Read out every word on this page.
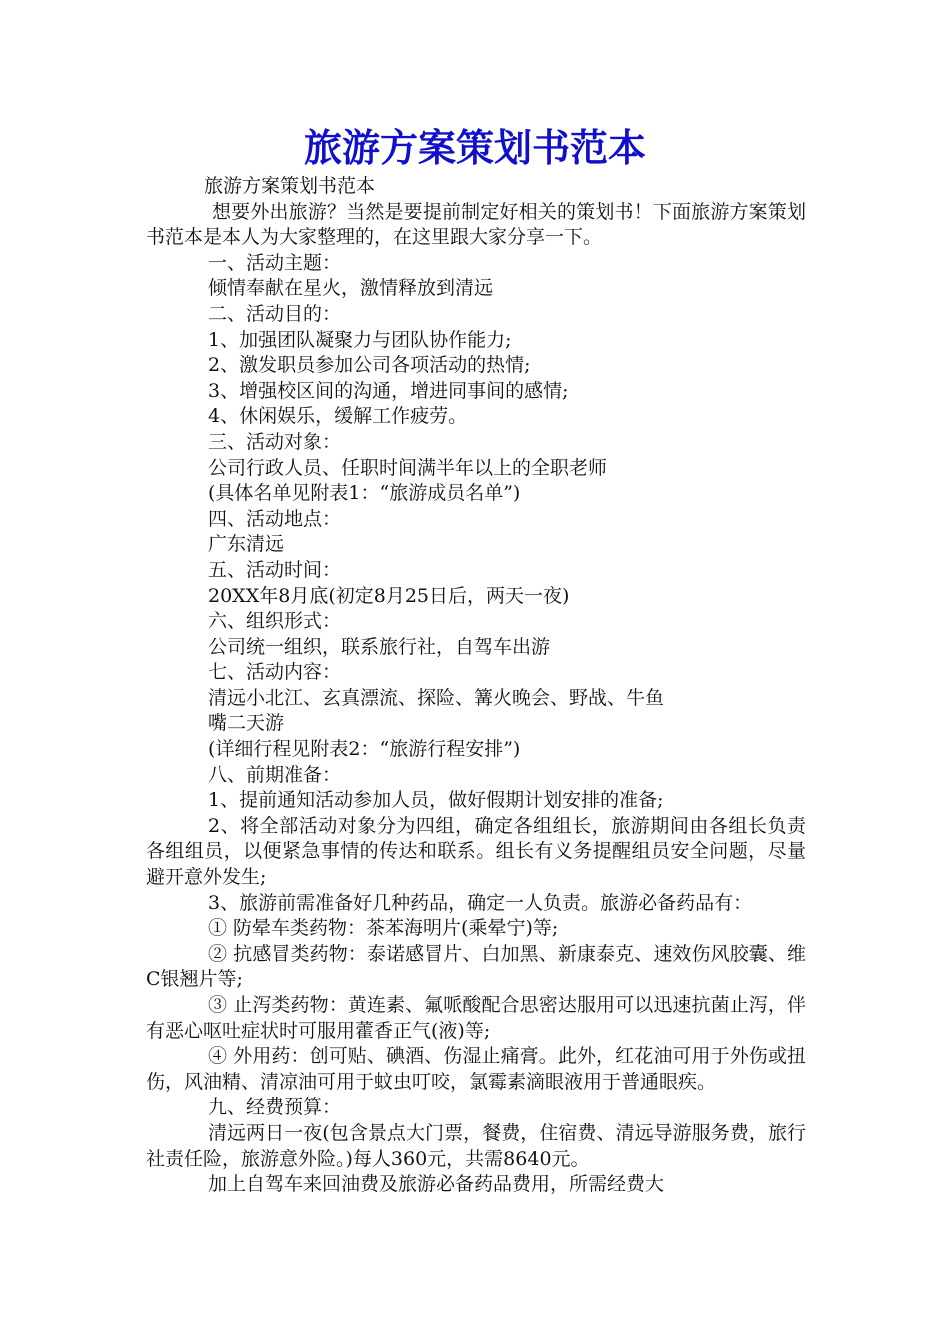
旅游方案策划书范本

旅游方案策划书范本

想要外出旅游？当然是要提前制定好相关的策划书！下面旅游方案策划书范本是本人为大家整理的，在这里跟大家分享一下。

一、活动主题：

倾情奉献在星火，激情释放到清远

二、活动目的：

1、加强团队凝聚力与团队协作能力;

2、激发职员参加公司各项活动的热情;

3、增强校区间的沟通，增进同事间的感情;

4、休闲娱乐，缓解工作疲劳。

三、活动对象：

公司行政人员、任职时间满半年以上的全职老师

(具体名单见附表1：“旅游成员名单”)

四、活动地点：

广东清远

五、活动时间：

20XX年8月底(初定8月25日后，两天一夜)

六、组织形式：

公司统一组织，联系旅行社，自驾车出游

七、活动内容：

清远小北江、玄真漂流、探险、篝火晚会、野战、牛鱼

嘴二天游

(详细行程见附表2：“旅游行程安排”)

八、前期准备：

1、提前通知活动参加人员，做好假期计划安排的准备;

2、将全部活动对象分为四组，确定各组组长，旅游期间由各组长负责各组组员，以便紧急事情的传达和联系。组长有义务提醒组员安全问题，尽量避开意外发生;

3、旅游前需准备好几种药品，确定一人负责。旅游必备药品有：

① 防晕车类药物：茶苯海明片(乘晕宁)等;

② 抗感冒类药物：泰诺感冒片、白加黑、新康泰克、速效伤风胶囊、维C银翘片等;

③ 止泻类药物：黄连素、氟哌酸配合思密达服用可以迅速抗菌止泻，伴有恶心呕吐症状时可服用藿香正气(液)等;

④ 外用药：创可贴、碘酒、伤湿止痛膏。此外，红花油可用于外伤或扭伤，风油精、清凉油可用于蚊虫叮咬，氯霉素滴眼液用于普通眼疾。

九、经费预算：

清远两日一夜(包含景点大门票，餐费，住宿费、清远导游服务费，旅行社责任险，旅游意外险。)每人360元，共需8640元。

加上自驾车来回油费及旅游必备药品费用，所需经费大
